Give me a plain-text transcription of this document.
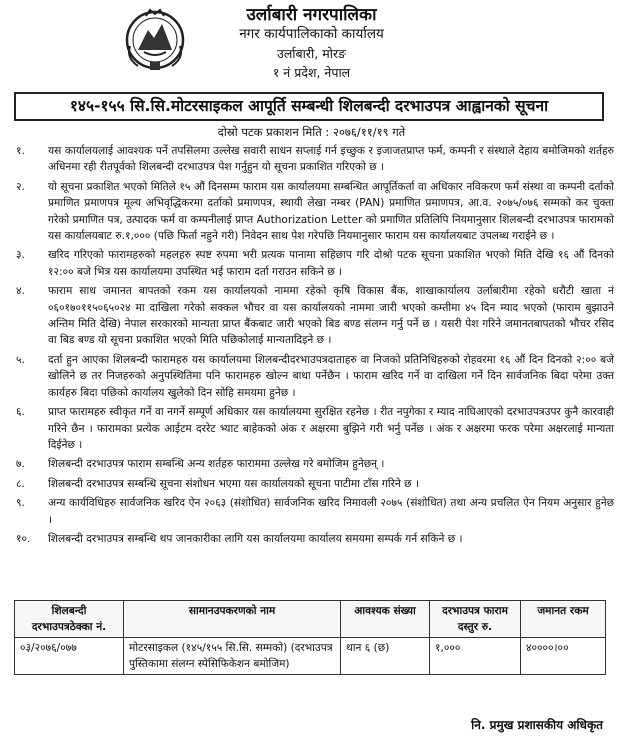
उर्लाबारी नगरपालिका

नगर कार्यपालिकाको कार्यालय

उर्लाबारी, मोरङ

१ नं प्रदेश, नेपाल

१४५-१५५ सि.सि.मोटरसाइकल आपूर्ति सम्बन्धी शिलबन्दी दरभाउपत्र आह्वानको सूचना
दोस्रो पटक प्रकाशन मिति : २०७६/११/१९ गते
१.	यस कार्यालयलाई आवश्यक पर्ने तपसिलमा उल्लेख सवारी साधन सप्लाई गर्न इच्छुक र इजाजतप्राप्त फर्म, कम्पनी र संस्थाले देहाय बमोजिमको शर्तहरु अधिनमा रही रीतपूर्वको शिलबन्दी दरभाउपत्र पेश गर्नुहुन यो सूचना प्रकाशित गरिएको छ ।
२.	यो सूचना प्रकाशित भएको मितिले १५ औं दिनसम्म फाराम यस कार्यालयमा सम्बन्धित आपूर्तिकर्ता वा अधिकार नविकरण फर्म संस्था वा कम्पनी दर्ताको प्रमाणित प्रमाणपत्र मूल्य अभिवृद्धिकरमा दर्ताको प्रमाणपत्र, स्थायी लेखा नम्बर (PAN) प्रमाणित प्रमाणपत्र, आ.व. २०७५/०७६ सम्मको कर चुक्ता गरेको प्रमाणित पत्र, उत्पादक फर्म वा कम्पनीलाई प्राप्त Authorization Letter को प्रमाणित प्रतिलिपि नियमानुसार शिलबन्दी दरभाउपत्र फारामको यस कार्यालयबाट रु.१,००० (पछि फिर्ता नहुने गरी) निवेदन साथ पेश गरेपछि नियमानुसार फाराम यस कार्यालयबाट उपलब्ध गराईने छ ।
३.	खरिद गरिएको फारामहरुको महलहरु स्पष्ट रुपमा भरी प्रत्यक पानामा सहिछाप गरि दोश्रो पटक सूचना प्रकाशित भएको मिति देखि १६ औं दिनको १२:०० बजे भित्र यस कार्यालयमा उपस्थित भई फाराम दर्ता गराउन सकिने छ ।
४.	फाराम साथ जमानत बापतको रकम यस कार्यालयको नाममा रहेको कृषि विकास बैंक, शाखाकार्यालय उर्लाबारीमा रहेको धरौटी खाता नं ०६०१७०११५०६५०२४ मा दाखिला गरेको सक्कल भौचर वा यस कार्यालयको नाममा जारी भएको कम्तीमा ४५ दिन म्याद भएको (फाराम बुझाउने अन्तिम मिति देखि) नेपाल सरकारको मान्यता प्राप्त बैंकबाट जारी भएको बिड बण्ड संलग्न गर्नु पर्ने छ । यसरी पेश गरिने जमानतबापतको भौचर रसिद वा बिड बण्ड यो सूचना प्रकाशित भएको मिति पछिकोलाई मान्यतादिइने छ ।
५.	दर्ता हुन आएका शिलबन्दी फारामहरु यस कार्यालयमा शिलबन्दीदरभाउपत्रदाताहरु वा निजको प्रतिनिधिहरुको रोहवरमा १६ औं दिन दिनको २:०० बजे खोलिने छ तर निजहरुको अनुपस्थितिमा पनि फारामहरु खोल्न बाधा पर्नेछैन । फाराम खरिद गर्ने वा दाखिला गर्ने दिन सार्वजनिक बिदा परेमा उक्त कार्यहरु बिदा पछिको कार्यालय खुलेको दिन सोहि समयमा हुनेछ ।
६.	प्राप्त फारामहरु स्वीकृत गर्ने वा नगर्ने सम्पूर्ण अधिकार यस कार्यालयमा सुरक्षित रहनेछ । रीत नपुगेका र म्याद नाघिआएको दरभाउपत्रउपर कुनै कारवाही गरिने छैन । फारामका प्रत्येक आईटम दररेट भ्याट बाहेकको अंक र अक्षरमा बुझिने गरी भर्नु पर्नेछ । अंक र अक्षरमा फरक परेमा अक्षरलाई मान्यता दिईनेछ ।
७.	शिलबन्दी दरभाउपत्र फाराम सम्बन्धि अन्य शर्तहरु फाराममा उल्लेख गरे बमोजिम हुनेछन् ।
८.	शिलबन्दी दरभाउपत्र सम्बन्धि सूचना संशोधन भएमा यस कार्यालयको सूचना पाटीमा टाँस गरिने छ ।
९.	अन्य कार्यविधिहरु सार्वजनिक खरिद ऐन २०६३ (संशोधित) सार्वजनिक खरिद निमावली २०७५ (संशोधित) तथा अन्य प्रचलित ऐन नियम अनुसार हुनेछ ।
१०.	शिलबन्दी दरभाउपत्र सम्बन्धि थप जानकारीका लागि यस कार्यालयमा कार्यालय समयमा सम्पर्क गर्न सकिने छ ।
शिलबन्दी दरभाउपत्रठेक्का नं.	सामानउपकरणको नाम	आवश्यक संख्या	दरभाउपत्र फाराम दस्तुर रु.	जमानत रकम
०३/२०७६/०७७	मोटरसाइकल (१४५/१५५ सि.सि. सम्मको) (दरभाउपत्र पुस्तिकामा संलग्न स्पेसिफिकेशन बमोजिम)	थान ६ (छ)	१,०००	४००००।००
नि. प्रमुख प्रशासकीय अधिकृत
